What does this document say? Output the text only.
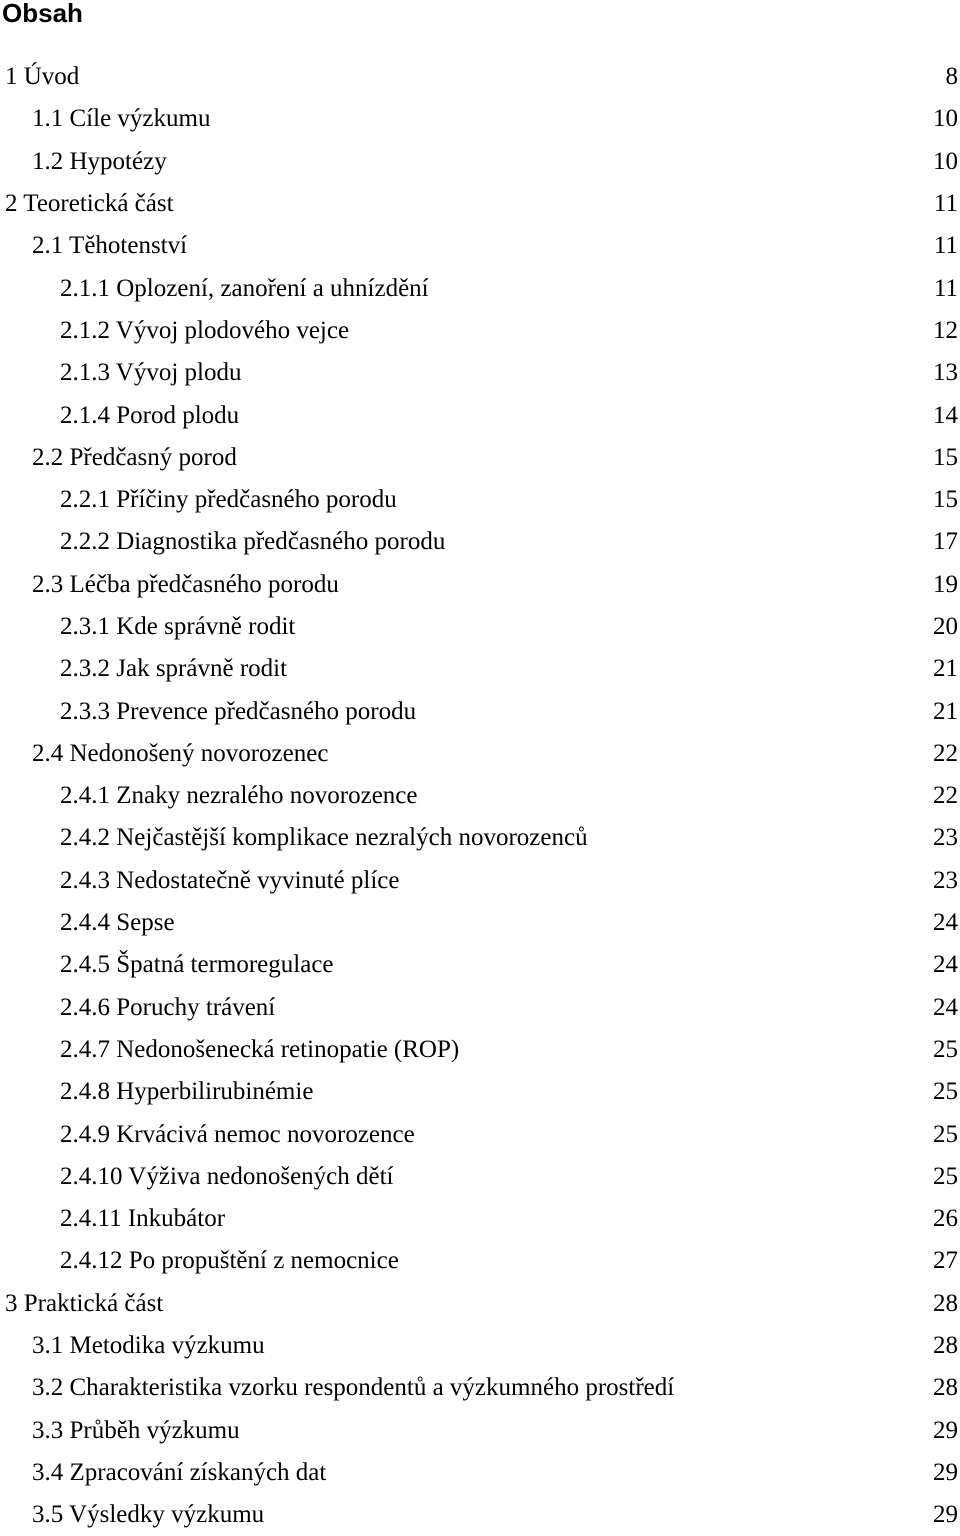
Obsah
1 Úvod	8
1.1 Cíle výzkumu	10
1.2 Hypotézy	10
2 Teoretická část	11
2.1 Těhotenství	11
2.1.1 Oplození, zanoření a uhnízdění	11
2.1.2 Vývoj plodového vejce	12
2.1.3 Vývoj plodu	13
2.1.4 Porod plodu	14
2.2 Předčasný porod	15
2.2.1 Příčiny předčasného porodu	15
2.2.2 Diagnostika předčasného porodu	17
2.3 Léčba předčasného porodu	19
2.3.1 Kde správně rodit	20
2.3.2 Jak správně rodit	21
2.3.3 Prevence předčasného porodu	21
2.4 Nedonošený novorozenec	22
2.4.1 Znaky nezralého novorozence	22
2.4.2 Nejčastější komplikace nezralých novorozenců	23
2.4.3 Nedostatečně vyvinuté plíce	23
2.4.4 Sepse	24
2.4.5 Špatná termoregulace	24
2.4.6 Poruchy trávení	24
2.4.7 Nedonošenecká retinopatie (ROP)	25
2.4.8 Hyperbilirubinémie	25
2.4.9 Krvácivá nemoc novorozence	25
2.4.10 Výživa nedonošených dětí	25
2.4.11 Inkubátor	26
2.4.12 Po propuštění z nemocnice	27
3 Praktická část	28
3.1 Metodika výzkumu	28
3.2 Charakteristika vzorku respondentů a výzkumného prostředí	28
3.3 Průběh výzkumu	29
3.4 Zpracování získaných dat	29
3.5 Výsledky výzkumu	29
